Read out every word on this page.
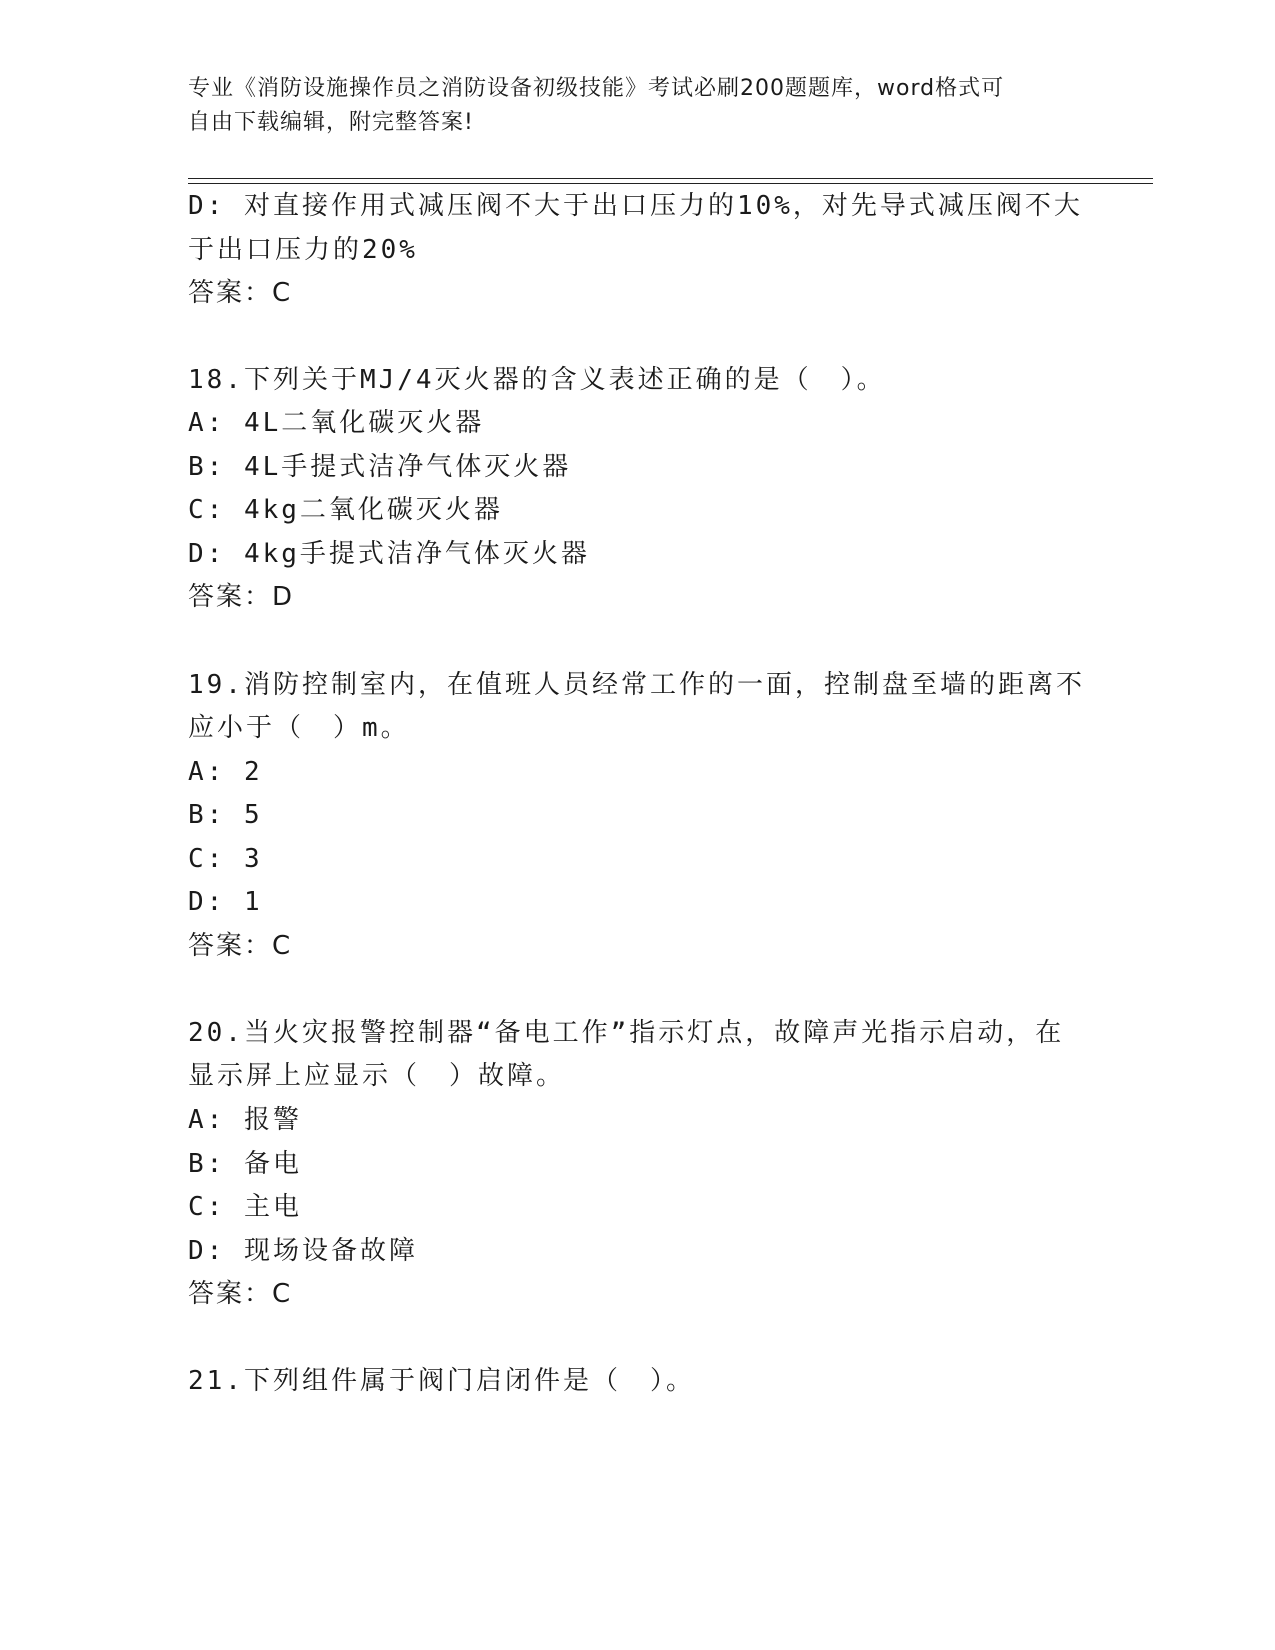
专业《消防设施操作员之消防设备初级技能》考试必刷200题题库，word格式可
自由下载编辑，附完整答案!
D: 对直接作用式减压阀不大于出口压力的10%，对先导式减压阀不大
于出口压力的20%
答案：C
18.下列关于MJ/4灭火器的含义表述正确的是（　）。
A: 4L二氧化碳灭火器
B: 4L手提式洁净气体灭火器
C: 4kg二氧化碳灭火器
D: 4kg手提式洁净气体灭火器
答案：D
19.消防控制室内，在值班人员经常工作的一面，控制盘至墙的距离不
应小于（　）m。
A: 2
B: 5
C: 3
D: 1
答案：C
20.当火灾报警控制器“备电工作”指示灯点，故障声光指示启动，在
显示屏上应显示（　）故障。
A: 报警
B: 备电
C: 主电
D: 现场设备故障
答案：C
21.下列组件属于阀门启闭件是（　）。
